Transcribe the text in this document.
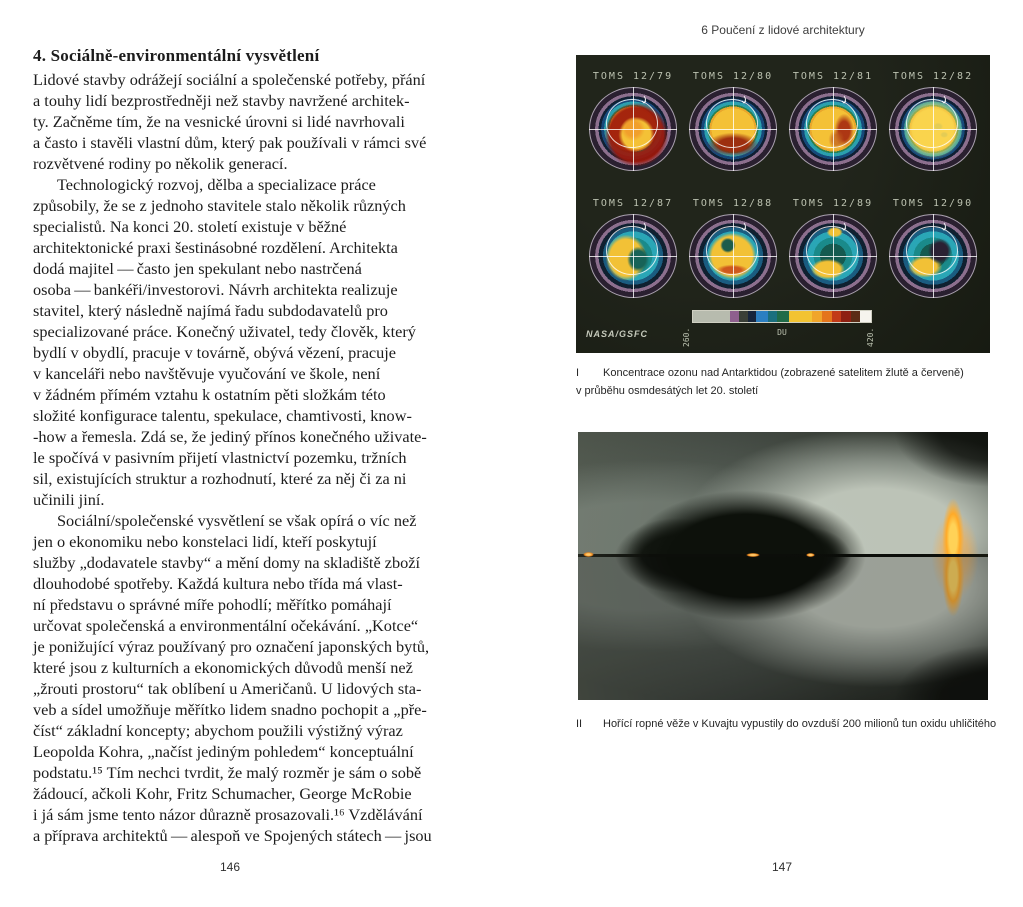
4. Sociálně-environmentální vysvětlení
Lidové stavby odrážejí sociální a společenské potřeby, přání
a touhy lidí bezprostředněji než stavby navržené architek-
ty. Začněme tím, že na vesnické úrovni si lidé navrhovali
a často i stavěli vlastní dům, který pak používali v rámci své
rozvětvené rodiny po několik generací.
Technologický rozvoj, dělba a specializace práce
způsobily, že se z jednoho stavitele stalo několik různých
specialistů. Na konci 20. století existuje v běžné
architektonické praxi šestinásobné rozdělení. Architekta
dodá majitel — často jen spekulant nebo nastrčená
osoba — bankéři/investorovi. Návrh architekta realizuje
stavitel, který následně najímá řadu subdodavatelů pro
specializované práce. Konečný uživatel, tedy člověk, který
bydlí v obydlí, pracuje v továrně, obývá vězení, pracuje
v kanceláři nebo navštěvuje vyučování ve škole, není
v žádném přímém vztahu k ostatním pěti složkám této
složité konfigurace talentu, spekulace, chamtivosti, know-
-how a řemesla. Zdá se, že jediný přínos konečného uživate-
le spočívá v pasivním přijetí vlastnictví pozemku, tržních
sil, existujících struktur a rozhodnutí, které za něj či za ni
učinili jiní.
Sociální/společenské vysvětlení se však opírá o víc než
jen o ekonomiku nebo konstelaci lidí, kteří poskytují
služby „dodavatele stavby“ a mění domy na skladiště zboží
dlouhodobé spotřeby. Každá kultura nebo třída má vlast-
ní představu o správné míře pohodlí; měřítko pomáhají
určovat společenská a environmentální očekávání. „Kotce“
je ponižující výraz používaný pro označení japonských bytů,
které jsou z kulturních a ekonomických důvodů menší než
„žrouti prostoru“ tak oblíbení u Američanů. U lidových sta-
veb a sídel umožňuje měřítko lidem snadno pochopit a „pře-
číst“ základní koncepty; abychom použili výstižný výraz
Leopolda Kohra, „načíst jediným pohledem“ konceptuální
podstatu.¹⁵ Tím nechci tvrdit, že malý rozměr je sám o sobě
žádoucí, ačkoli Kohr, Fritz Schumacher, George McRobie
i já sám jsme tento názor důrazně prosazovali.¹⁶ Vzdělávání
a příprava architektů — alespoň ve Spojených státech — jsou
146
6 Poučení z lidové architektury
TOMS 12/79 TOMS 12/80 TOMS 12/81 TOMS 12/82
TOMS 12/87 TOMS 12/88 TOMS 12/89 TOMS 12/90
260.	DU	420.
NASA/GSFC
I Koncentrace ozonu nad Antarktidou (zobrazené satelitem žlutě a červeně)
v průběhu osmdesátých let 20. století
II Hořící ropné věže v Kuvajtu vypustily do ovzduší 200 milionů tun oxidu uhličitého
147
